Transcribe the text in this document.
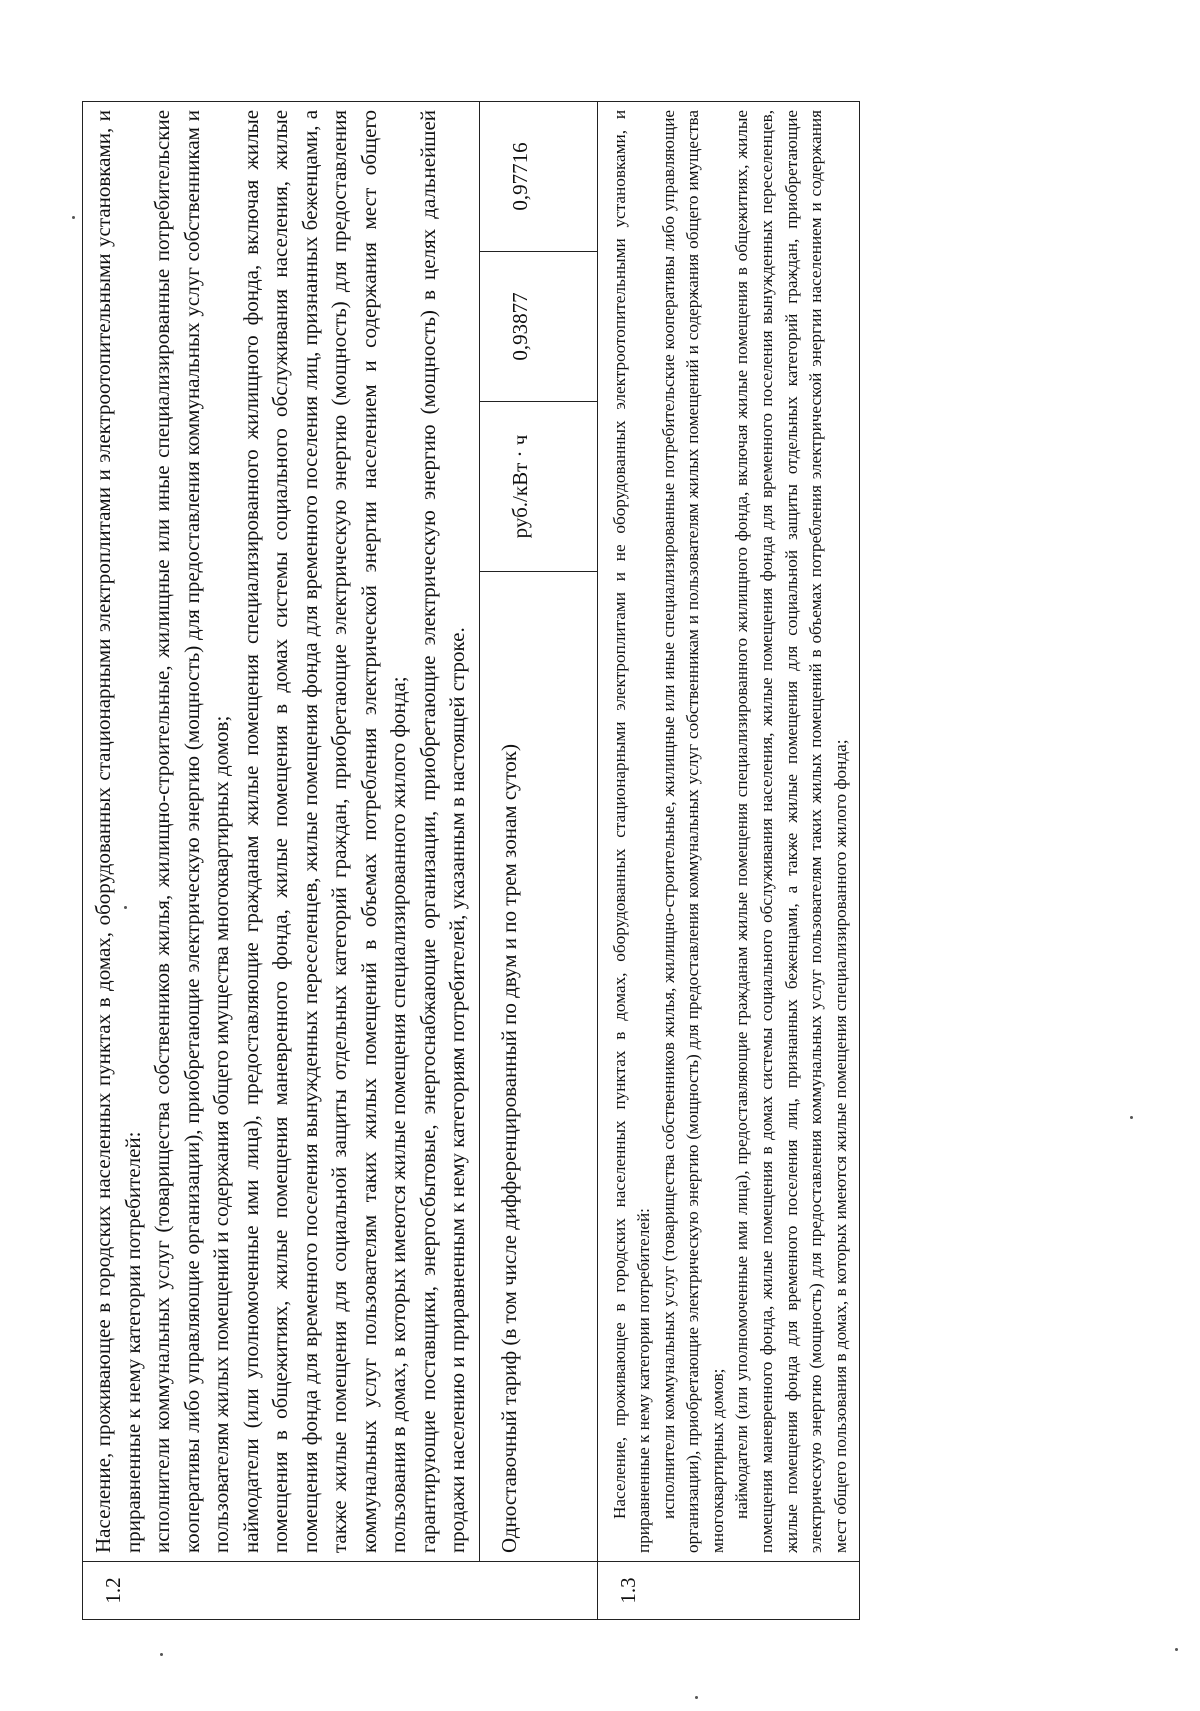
1.2	Население, проживающее в городских населенных пунктах в домах, оборудованных стационарными электроплитами и электроотопительными установками, и приравненные к нему категории потребителей: исполнители коммунальных услуг (товарищества собственников жилья, жилищно-строительные, жилищные или иные специализированные потребительские кооперативы либо управляющие организации), приобретающие электрическую энергию (мощность) для предоставления коммунальных услуг собственникам и пользователям жилых помещений и содержания общего имущества многоквартирных домов; наймодатели (или уполномоченные ими лица), предоставляющие гражданам жилые помещения специализированного жилищного фонда, включая жилые помещения в общежитиях, жилые помещения маневренного фонда, жилые помещения в домах системы социального обслуживания населения, жилые помещения фонда для временного поселения вынужденных переселенцев, жилые помещения фонда для временного поселения лиц, признанных беженцами, а также жилые помещения для социальной защиты отдельных категорий граждан, приобретающие электрическую энергию (мощность) для предоставления коммунальных услуг пользователям таких жилых помещений в объемах потребления электрической энергии населением и содержания мест общего пользования в домах, в которых имеются жилые помещения специализированного жилого фонда; гарантирующие поставщики, энергосбытовые, энергоснабжающие организации, приобретающие электрическую энергию (мощность) в целях дальнейшей продажи населению и приравненным к нему категориям потребителей, указанным в настоящей строке.			

	Одноставочный тариф (в том числе дифференцированный по двум и по трем зонам суток)	руб./кВт · ч	0,93877	0,97716
1.3	Население, проживающее в городских населенных пунктах в домах, оборудованных стационарными электроплитами и не оборудованных электроотопительными установками, и приравненные к нему категории потребителей: исполнители коммунальных услуг (товарищества собственников жилья, жилищно-строительные, жилищные или иные специализированные потребительские кооперативы либо управляющие организации), приобретающие электрическую энергию (мощность) для предоставления коммунальных услуг собственникам и пользователям жилых помещений и содержания общего имущества многоквартирных домов; наймодатели (или уполномоченные ими лица), предоставляющие гражданам жилые помещения специализированного жилищного фонда, включая жилые помещения в общежитиях, жилые помещения маневренного фонда, жилые помещения в домах системы социального обслуживания населения, жилые помещения фонда для временного поселения вынужденных переселенцев, жилые помещения фонда для временного поселения лиц, признанных беженцами, а также жилые помещения для социальной защиты отдельных категорий граждан, приобретающие электрическую энергию (мощность) для предоставления коммунальных услуг пользователям таких жилых помещений в объемах потребления электрической энергии населением и содержания мест общего пользования в домах, в которых имеются жилые помещения специализированного жилого фонда;			
